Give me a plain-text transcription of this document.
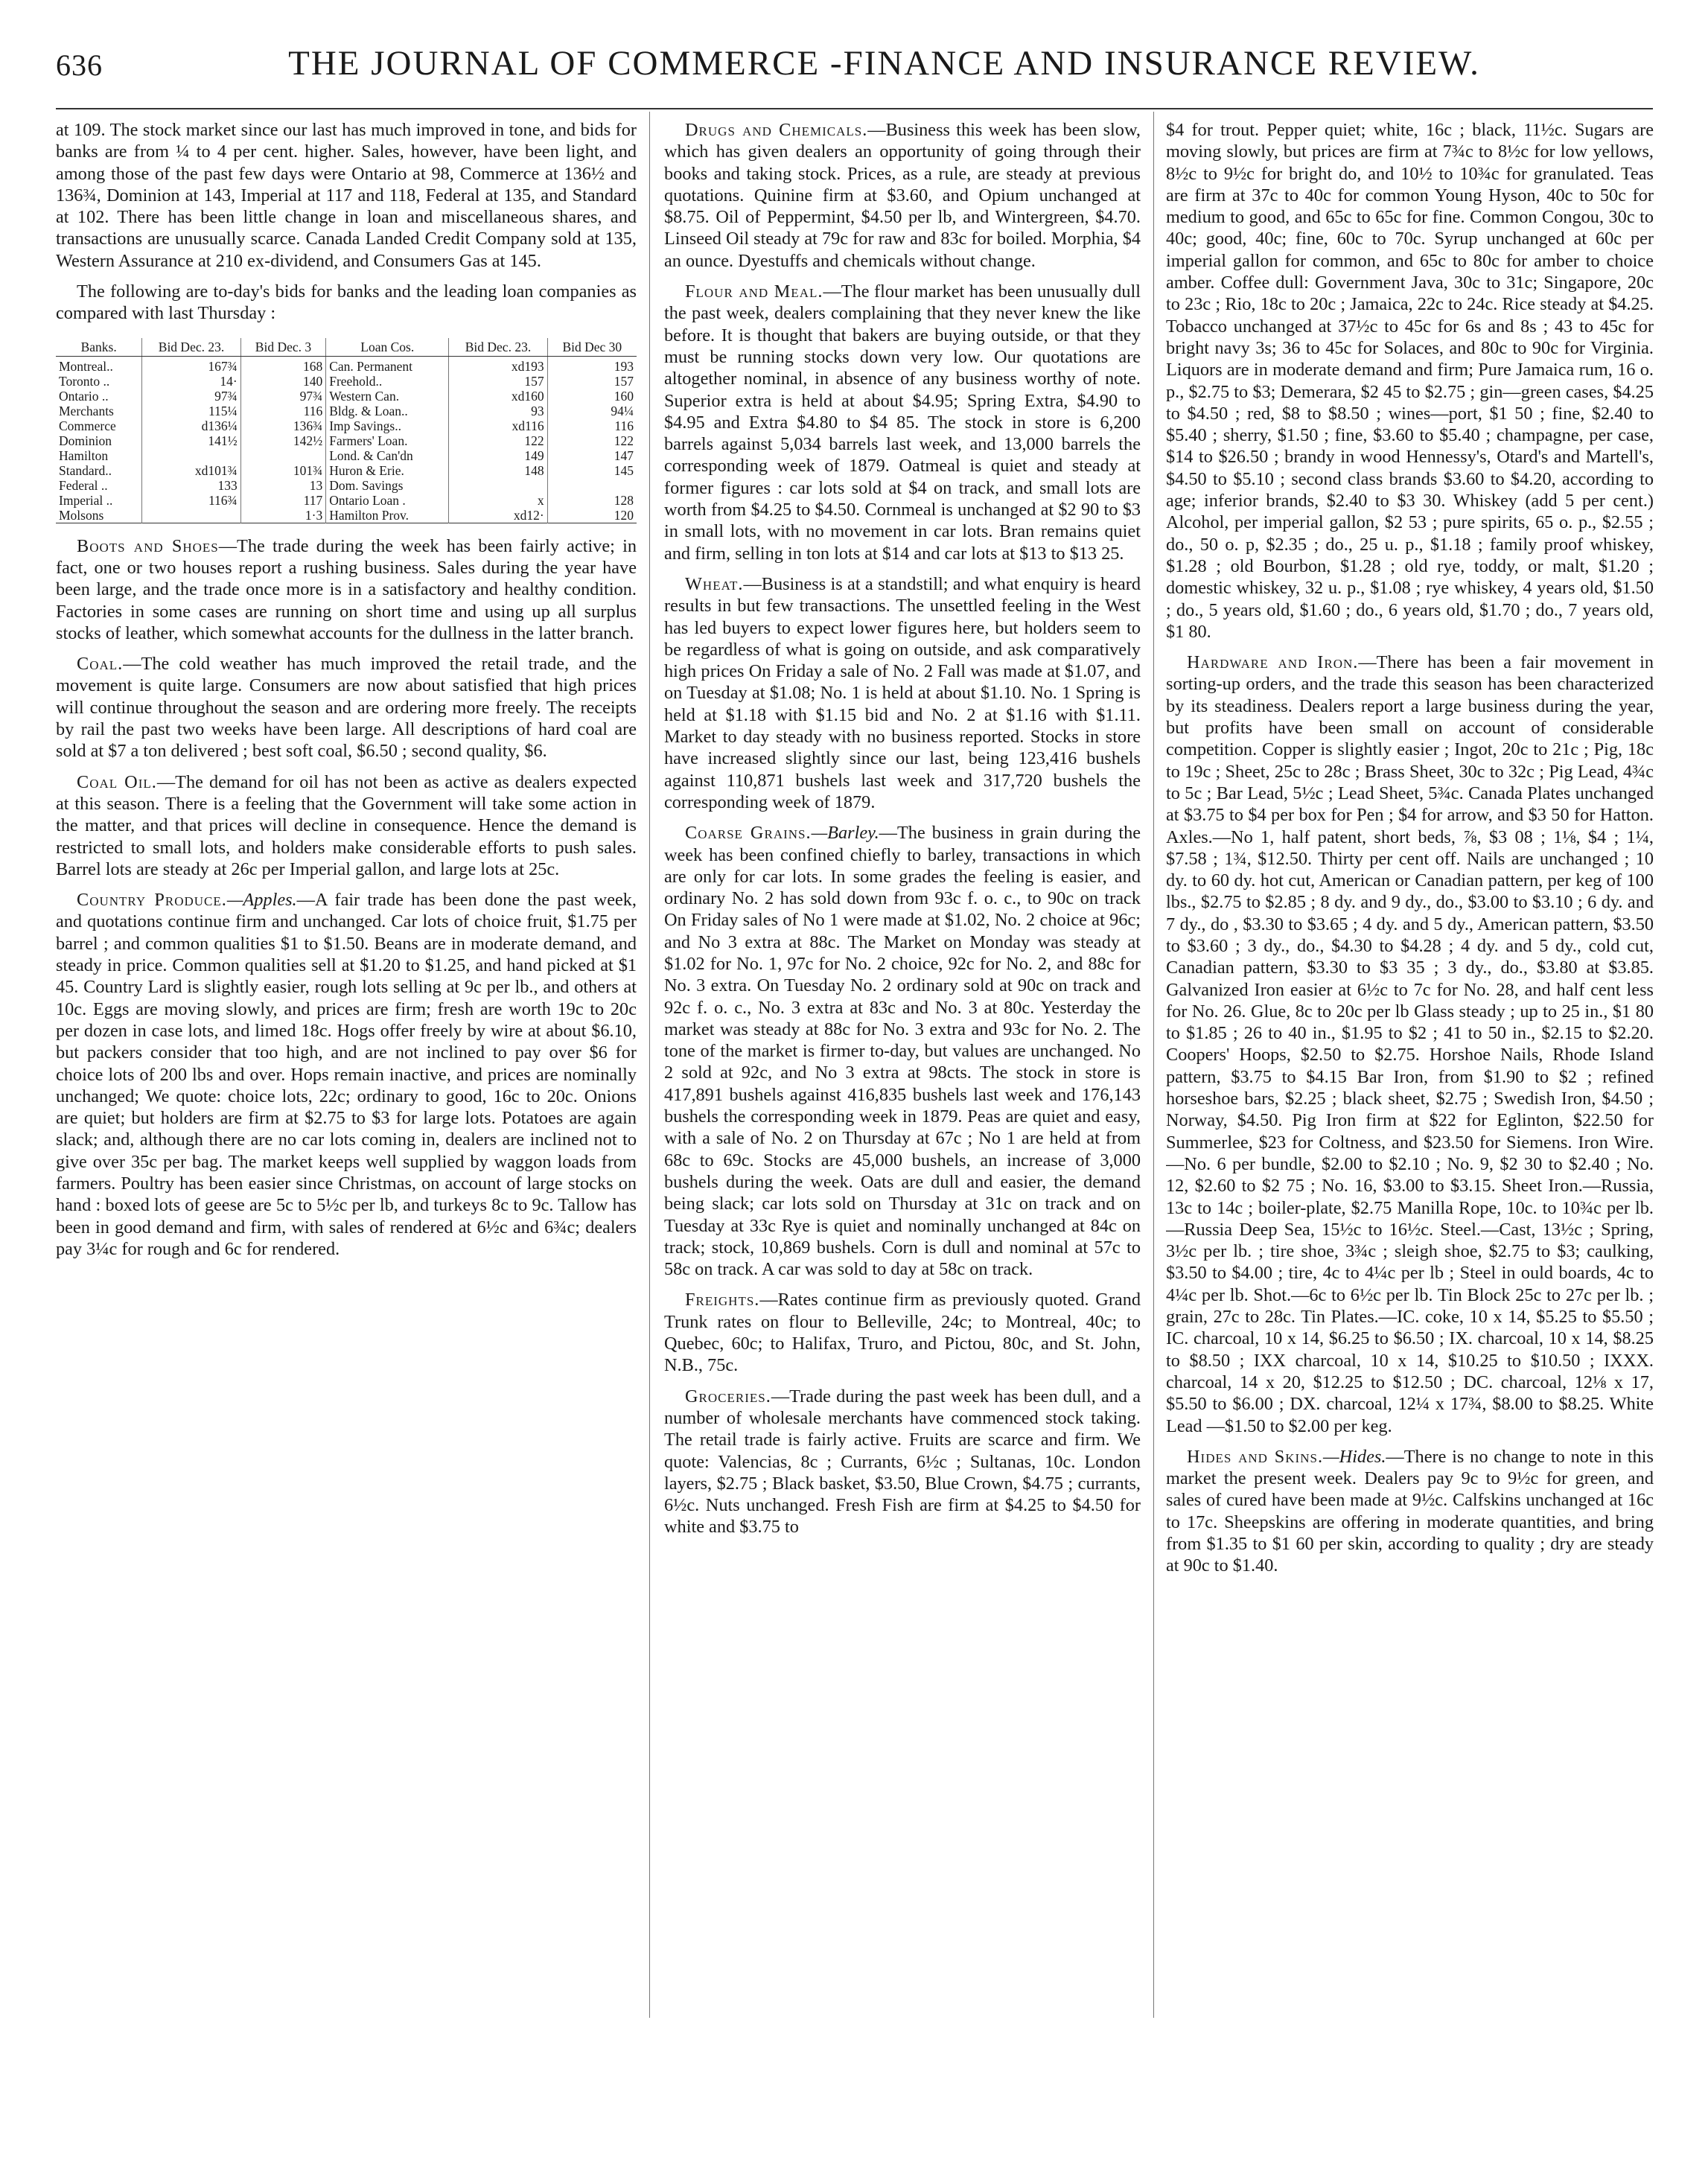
636	THE JOURNAL OF COMMERCE -FINANCE AND INSURANCE REVIEW.

at 109. The stock market since our last has much improved in tone, and bids for banks are from ¼ to 4 per cent. higher. Sales, however, have been light, and among those of the past few days were Ontario at 98, Commerce at 136½ and 136¾, Dominion at 143, Imperial at 117 and 118, Federal at 135, and Standard at 102. There has been little change in loan and miscellaneous shares, and transactions are unusually scarce. Canada Landed Credit Company sold at 135, Western Assurance at 210 ex-dividend, and Consumers Gas at 145.

The following are to-day's bids for banks and the leading loan companies as compared with last Thursday :

Banks.	Bid Dec. 23.	Bid Dec. 3	Loan Cos.	Bid Dec. 23.	Bid Dec 30
Montreal..	167¾	168	Can. Permanent	xd193	193
Toronto ..	14·	140	Freehold..	157	157
Ontario ..	97¾	97¾	Western Can.	xd160	160
Merchants	115¼	116	Bldg. & Loan..	93	94¼
Commerce	d136¼	136¾	Imp Savings..	xd116	116
Dominion	141½	142½	Farmers' Loan.	122	122
Hamilton			Lond. & Can'dn	149	147
Standard..	xd101¾	101¾	Huron & Erie.	148	145
Federal ..	133	13	Dom. Savings		
Imperial ..	116¾	117	Ontario Loan .	x	128
Molsons		1·3	Hamilton Prov.	xd12·	120

Boots and Shoes—The trade during the week has been fairly active; in fact, one or two houses report a rushing business. Sales during the year have been large, and the trade once more is in a satisfactory and healthy condition. Factories in some cases are running on short time and using up all surplus stocks of leather, which somewhat accounts for the dullness in the latter branch.

Coal.—The cold weather has much improved the retail trade, and the movement is quite large. Consumers are now about satisfied that high prices will continue throughout the season and are ordering more freely. The receipts by rail the past two weeks have been large. All descriptions of hard coal are sold at $7 a ton delivered ; best soft coal, $6.50 ; second quality, $6.

Coal Oil.—The demand for oil has not been as active as dealers expected at this season. There is a feeling that the Government will take some action in the matter, and that prices will decline in consequence. Hence the demand is restricted to small lots, and holders make considerable efforts to push sales. Barrel lots are steady at 26c per Imperial gallon, and large lots at 25c.

Country Produce.—Apples.—A fair trade has been done the past week, and quotations continue firm and unchanged. Car lots of choice fruit, $1.75 per barrel ; and common qualities $1 to $1.50. Beans are in moderate demand, and steady in price. Common qualities sell at $1.20 to $1.25, and hand picked at $1 45. Country Lard is slightly easier, rough lots selling at 9c per lb., and others at 10c. Eggs are moving slowly, and prices are firm; fresh are worth 19c to 20c per dozen in case lots, and limed 18c. Hogs offer freely by wire at about $6.10, but packers consider that too high, and are not inclined to pay over $6 for choice lots of 200 lbs and over. Hops remain inactive, and prices are nominally unchanged; We quote: choice lots, 22c; ordinary to good, 16c to 20c. Onions are quiet; but holders are firm at $2.75 to $3 for large lots. Potatoes are again slack; and, although there are no car lots coming in, dealers are inclined not to give over 35c per bag. The market keeps well supplied by waggon loads from farmers. Poultry has been easier since Christmas, on account of large stocks on hand : boxed lots of geese are 5c to 5½c per lb, and turkeys 8c to 9c. Tallow has been in good demand and firm, with sales of rendered at 6½c and 6¾c; dealers pay 3¼c for rough and 6c for rendered.

Drugs and Chemicals.—Business this week has been slow, which has given dealers an opportunity of going through their books and taking stock. Prices, as a rule, are steady at previous quotations. Quinine firm at $3.60, and Opium unchanged at $8.75. Oil of Peppermint, $4.50 per lb, and Wintergreen, $4.70. Linseed Oil steady at 79c for raw and 83c for boiled. Morphia, $4 an ounce. Dyestuffs and chemicals without change.

Flour and Meal.—The flour market has been unusually dull the past week, dealers complaining that they never knew the like before. It is thought that bakers are buying outside, or that they must be running stocks down very low. Our quotations are altogether nominal, in absence of any business worthy of note. Superior extra is held at about $4.95; Spring Extra, $4.90 to $4.95 and Extra $4.80 to $4 85. The stock in store is 6,200 barrels against 5,034 barrels last week, and 13,000 barrels the corresponding week of 1879. Oatmeal is quiet and steady at former figures : car lots sold at $4 on track, and small lots are worth from $4.25 to $4.50. Cornmeal is unchanged at $2 90 to $3 in small lots, with no movement in car lots. Bran remains quiet and firm, selling in ton lots at $14 and car lots at $13 to $13 25.

Wheat.—Business is at a standstill; and what enquiry is heard results in but few transactions. The unsettled feeling in the West has led buyers to expect lower figures here, but holders seem to be regardless of what is going on outside, and ask comparatively high prices On Friday a sale of No. 2 Fall was made at $1.07, and on Tuesday at $1.08; No. 1 is held at about $1.10. No. 1 Spring is held at $1.18 with $1.15 bid and No. 2 at $1.16 with $1.11. Market to day steady with no business reported. Stocks in store have increased slightly since our last, being 123,416 bushels against 110,871 bushels last week and 317,720 bushels the corresponding week of 1879.

Coarse Grains.—Barley.—The business in grain during the week has been confined chiefly to barley, transactions in which are only for car lots. In some grades the feeling is easier, and ordinary No. 2 has sold down from 93c f. o. c., to 90c on track On Friday sales of No 1 were made at $1.02, No. 2 choice at 96c; and No 3 extra at 88c. The Market on Monday was steady at $1.02 for No. 1, 97c for No. 2 choice, 92c for No. 2, and 88c for No. 3 extra. On Tuesday No. 2 ordinary sold at 90c on track and 92c f. o. c., No. 3 extra at 83c and No. 3 at 80c. Yesterday the market was steady at 88c for No. 3 extra and 93c for No. 2. The tone of the market is firmer to-day, but values are unchanged. No 2 sold at 92c, and No 3 extra at 98cts. The stock in store is 417,891 bushels against 416,835 bushels last week and 176,143 bushels the corresponding week in 1879. Peas are quiet and easy, with a sale of No. 2 on Thursday at 67c ; No 1 are held at from 68c to 69c. Stocks are 45,000 bushels, an increase of 3,000 bushels during the week. Oats are dull and easier, the demand being slack; car lots sold on Thursday at 31c on track and on Tuesday at 33c Rye is quiet and nominally unchanged at 84c on track; stock, 10,869 bushels. Corn is dull and nominal at 57c to 58c on track. A car was sold to day at 58c on track.

Freights.—Rates continue firm as previously quoted. Grand Trunk rates on flour to Belleville, 24c; to Montreal, 40c; to Quebec, 60c; to Halifax, Truro, and Pictou, 80c, and St. John, N.B., 75c.

Groceries.—Trade during the past week has been dull, and a number of wholesale merchants have commenced stock taking. The retail trade is fairly active. Fruits are scarce and firm. We quote: Valencias, 8c ; Currants, 6½c ; Sultanas, 10c. London layers, $2.75 ; Black basket, $3.50, Blue Crown, $4.75 ; currants, 6½c. Nuts unchanged. Fresh Fish are firm at $4.25 to $4.50 for white and $3.75 to

$4 for trout. Pepper quiet; white, 16c ; black, 11½c. Sugars are moving slowly, but prices are firm at 7¾c to 8½c for low yellows, 8½c to 9½c for bright do, and 10½ to 10¾c for granulated. Teas are firm at 37c to 40c for common Young Hyson, 40c to 50c for medium to good, and 65c to 65c for fine. Common Congou, 30c to 40c; good, 40c; fine, 60c to 70c. Syrup unchanged at 60c per imperial gallon for common, and 65c to 80c for amber to choice amber. Coffee dull: Government Java, 30c to 31c; Singapore, 20c to 23c ; Rio, 18c to 20c ; Jamaica, 22c to 24c. Rice steady at $4.25. Tobacco unchanged at 37½c to 45c for 6s and 8s ; 43 to 45c for bright navy 3s; 36 to 45c for Solaces, and 80c to 90c for Virginia. Liquors are in moderate demand and firm; Pure Jamaica rum, 16 o. p., $2.75 to $3; Demerara, $2 45 to $2.75 ; gin—green cases, $4.25 to $4.50 ; red, $8 to $8.50 ; wines—port, $1 50 ; fine, $2.40 to $5.40 ; sherry, $1.50 ; fine, $3.60 to $5.40 ; champagne, per case, $14 to $26.50 ; brandy in wood Hennessy's, Otard's and Martell's, $4.50 to $5.10 ; second class brands $3.60 to $4.20, according to age; inferior brands, $2.40 to $3 30. Whiskey (add 5 per cent.) Alcohol, per imperial gallon, $2 53 ; pure spirits, 65 o. p., $2.55 ; do., 50 o. p, $2.35 ; do., 25 u. p., $1.18 ; family proof whiskey, $1.28 ; old Bourbon, $1.28 ; old rye, toddy, or malt, $1.20 ; domestic whiskey, 32 u. p., $1.08 ; rye whiskey, 4 years old, $1.50 ; do., 5 years old, $1.60 ; do., 6 years old, $1.70 ; do., 7 years old, $1 80.

Hardware and Iron.—There has been a fair movement in sorting-up orders, and the trade this season has been characterized by its steadiness. Dealers report a large business during the year, but profits have been small on account of considerable competition. Copper is slightly easier ; Ingot, 20c to 21c ; Pig, 18c to 19c ; Sheet, 25c to 28c ; Brass Sheet, 30c to 32c ; Pig Lead, 4¾c to 5c ; Bar Lead, 5½c ; Lead Sheet, 5¾c. Canada Plates unchanged at $3.75 to $4 per box for Pen ; $4 for arrow, and $3 50 for Hatton. Axles.—No 1, half patent, short beds, ⅞, $3 08 ; 1⅛, $4 ; 1¼, $7.58 ; 1¾, $12.50. Thirty per cent off. Nails are unchanged ; 10 dy. to 60 dy. hot cut, American or Canadian pattern, per keg of 100 lbs., $2.75 to $2.85 ; 8 dy. and 9 dy., do., $3.00 to $3.10 ; 6 dy. and 7 dy., do , $3.30 to $3.65 ; 4 dy. and 5 dy., American pattern, $3.50 to $3.60 ; 3 dy., do., $4.30 to $4.28 ; 4 dy. and 5 dy., cold cut, Canadian pattern, $3.30 to $3 35 ; 3 dy., do., $3.80 at $3.85. Galvanized Iron easier at 6½c to 7c for No. 28, and half cent less for No. 26. Glue, 8c to 20c per lb Glass steady ; up to 25 in., $1 80 to $1.85 ; 26 to 40 in., $1.95 to $2 ; 41 to 50 in., $2.15 to $2.20. Coopers' Hoops, $2.50 to $2.75. Horshoe Nails, Rhode Island pattern, $3.75 to $4.15 Bar Iron, from $1.90 to $2 ; refined horseshoe bars, $2.25 ; black sheet, $2.75 ; Swedish Iron, $4.50 ; Norway, $4.50. Pig Iron firm at $22 for Eglinton, $22.50 for Summerlee, $23 for Coltness, and $23.50 for Siemens. Iron Wire.—No. 6 per bundle, $2.00 to $2.10 ; No. 9, $2 30 to $2.40 ; No. 12, $2.60 to $2 75 ; No. 16, $3.00 to $3.15. Sheet Iron.—Russia, 13c to 14c ; boiler-plate, $2.75 Manilla Rope, 10c. to 10¾c per lb. —Russia Deep Sea, 15½c to 16½c. Steel.—Cast, 13½c ; Spring, 3½c per lb. ; tire shoe, 3¾c ; sleigh shoe, $2.75 to $3; caulking, $3.50 to $4.00 ; tire, 4c to 4¼c per lb ; Steel in ould boards, 4c to 4¼c per lb. Shot.—6c to 6½c per lb. Tin Block 25c to 27c per lb. ; grain, 27c to 28c. Tin Plates.—IC. coke, 10 x 14, $5.25 to $5.50 ; IC. charcoal, 10 x 14, $6.25 to $6.50 ; IX. charcoal, 10 x 14, $8.25 to $8.50 ; IXX charcoal, 10 x 14, $10.25 to $10.50 ; IXXX. charcoal, 14 x 20, $12.25 to $12.50 ; DC. charcoal, 12⅛ x 17, $5.50 to $6.00 ; DX. charcoal, 12¼ x 17¾, $8.00 to $8.25. White Lead —$1.50 to $2.00 per keg.

Hides and Skins.—Hides.—There is no change to note in this market the present week. Dealers pay 9c to 9½c for green, and sales of cured have been made at 9½c. Calfskins unchanged at 16c to 17c. Sheepskins are offering in moderate quantities, and bring from $1.35 to $1 60 per skin, according to quality ; dry are steady at 90c to $1.40.
